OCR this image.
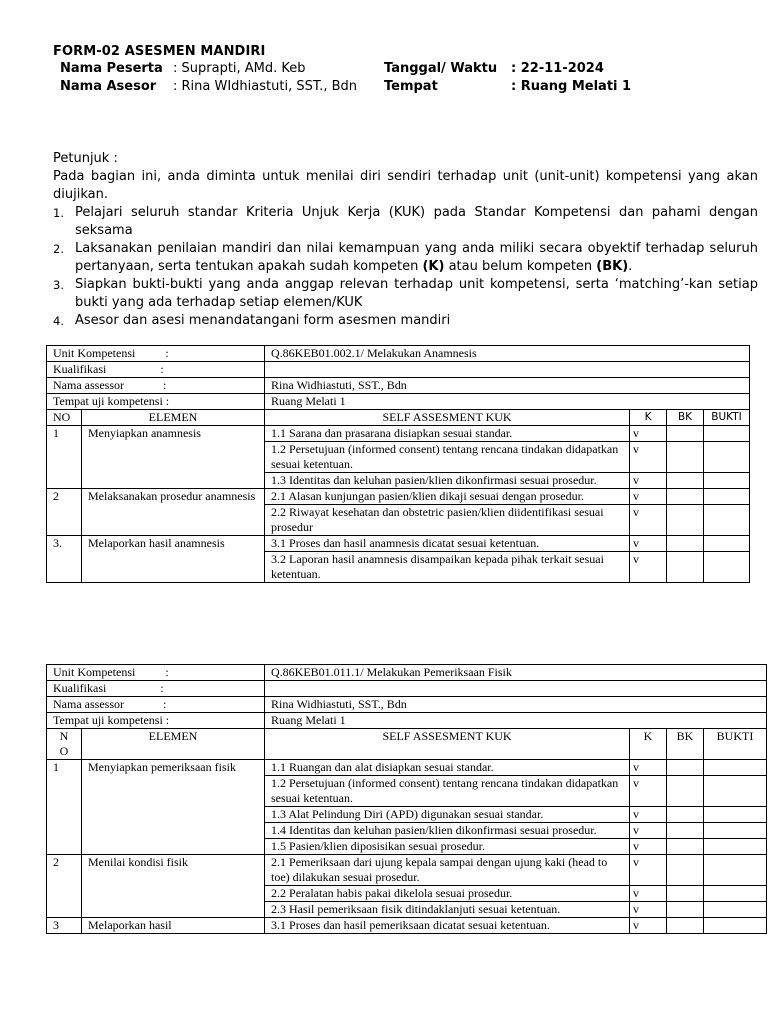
FORM-02 ASESMEN MANDIRI
Nama Peserta	: Suprapti, AMd. Keb	Tanggal/ Waktu	: 22-11-2024
Nama Asesor	: Rina WIdhiastuti, SST., Bdn	Tempat	: Ruang Melati 1

Petunjuk :

Pada bagian ini, anda diminta untuk menilai diri sendiri terhadap unit (unit-unit) kompetensi yang akan diujikan.

1. Pelajari seluruh standar Kriteria Unjuk Kerja (KUK) pada Standar Kompetensi dan pahami dengan seksama
2. Laksanakan penilaian mandiri dan nilai kemampuan yang anda miliki secara obyektif terhadap seluruh pertanyaan, serta tentukan apakah sudah kompeten (K) atau belum kompeten (BK).
3. Siapkan bukti-bukti yang anda anggap relevan terhadap unit kompetensi, serta ‘matching’-kan setiap bukti yang ada terhadap setiap elemen/KUK
4. Asesor dan asesi menandatangani form asesmen mandiri
Unit Kompetensi          :		Q.86KEB01.002.1/ Melakukan Anamnesis			
Kualifikasi                  :					
Nama assessor             :		Rina Widhiastuti, SST., Bdn			
Tempat uji kompetensi :		Ruang Melati 1			
NO	ELEMEN	SELF ASSESMENT KUK	K	BK	BUKTI
1	Menyiapkan anamnesis	1.1 Sarana dan prasarana disiapkan sesuai standar.	v		
		1.2 Persetujuan (informed consent) tentang rencana tindakan didapatkan sesuai ketentuan.	v		
		1.3 Identitas dan keluhan pasien/klien dikonfirmasi sesuai prosedur.	v		
2	Melaksanakan prosedur anamnesis	2.1 Alasan kunjungan pasien/klien dikaji sesuai dengan prosedur.	v		
		2.2 Riwayat kesehatan dan obstetric pasien/klien diidentifikasi sesuai prosedur	v		
3.	Melaporkan hasil anamnesis	3.1 Proses dan hasil anamnesis dicatat sesuai ketentuan.	v		
		3.2 Laporan hasil anamnesis disampaikan kepada pihak terkait sesuai ketentuan.	v		
Unit Kompetensi          :		Q.86KEB01.011.1/ Melakukan Pemeriksaan Fisik			
Kualifikasi                  :					
Nama assessor             :		Rina Widhiastuti, SST., Bdn			
Tempat uji kompetensi :		Ruang Melati 1			
NO	ELEMEN	SELF ASSESMENT KUK	K	BK	BUKTI
1	Menyiapkan pemeriksaan fisik	1.1 Ruangan dan alat disiapkan sesuai standar.	v		
		1.2 Persetujuan (informed consent) tentang rencana tindakan didapatkan sesuai ketentuan.	v		
		1.3 Alat Pelindung Diri (APD) digunakan sesuai standar.	v		
		1.4 Identitas dan keluhan pasien/klien dikonfirmasi sesuai prosedur.	v		
		1.5 Pasien/klien diposisikan sesuai prosedur.	v		
2	Menilai kondisi fisik	2.1 Pemeriksaan dari ujung kepala sampai dengan ujung kaki (head to toe) dilakukan sesuai prosedur.	v		
		2.2 Peralatan habis pakai dikelola sesuai prosedur.	v		
		2.3 Hasil pemeriksaan fisik ditindaklanjuti sesuai ketentuan.	v		
3	Melaporkan hasil	3.1 Proses dan hasil pemeriksaan dicatat sesuai ketentuan.	v		
